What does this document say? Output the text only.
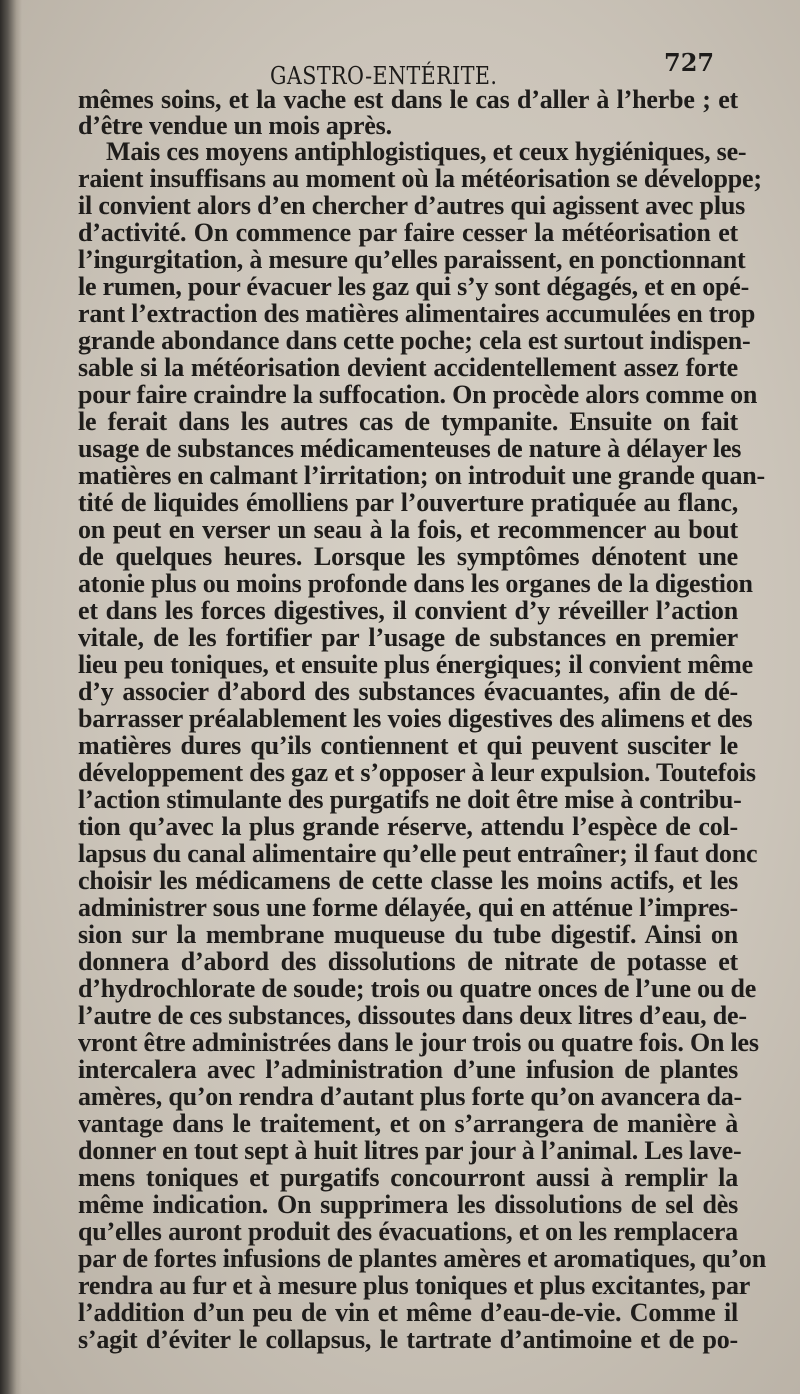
GASTRO-ENTÉRITE.	727
mêmes soins, et la vache est dans le cas d’aller à l’herbe ; et
d’être vendue un mois après.
Mais ces moyens antiphlogistiques, et ceux hygiéniques, se-
raient insuffisans au moment où la météorisation se développe;
il convient alors d’en chercher d’autres qui agissent avec plus
d’activité. On commence par faire cesser la météorisation et
l’ingurgitation, à mesure qu’elles paraissent, en ponctionnant
le rumen, pour évacuer les gaz qui s’y sont dégagés, et en opé-
rant l’extraction des matières alimentaires accumulées en trop
grande abondance dans cette poche; cela est surtout indispen-
sable si la météorisation devient accidentellement assez forte
pour faire craindre la suffocation. On procède alors comme on
le ferait dans les autres cas de tympanite. Ensuite on fait
usage de substances médicamenteuses de nature à délayer les
matières en calmant l’irritation; on introduit une grande quan-
tité de liquides émolliens par l’ouverture pratiquée au flanc,
on peut en verser un seau à la fois, et recommencer au bout
de quelques heures. Lorsque les symptômes dénotent une
atonie plus ou moins profonde dans les organes de la digestion
et dans les forces digestives, il convient d’y réveiller l’action
vitale, de les fortifier par l’usage de substances en premier
lieu peu toniques, et ensuite plus énergiques; il convient même
d’y associer d’abord des substances évacuantes, afin de dé-
barrasser préalablement les voies digestives des alimens et des
matières dures qu’ils contiennent et qui peuvent susciter le
développement des gaz et s’opposer à leur expulsion. Toutefois
l’action stimulante des purgatifs ne doit être mise à contribu-
tion qu’avec la plus grande réserve, attendu l’espèce de col-
lapsus du canal alimentaire qu’elle peut entraîner; il faut donc
choisir les médicamens de cette classe les moins actifs, et les
administrer sous une forme délayée, qui en atténue l’impres-
sion sur la membrane muqueuse du tube digestif. Ainsi on
donnera d’abord des dissolutions de nitrate de potasse et
d’hydrochlorate de soude; trois ou quatre onces de l’une ou de
l’autre de ces substances, dissoutes dans deux litres d’eau, de-
vront être administrées dans le jour trois ou quatre fois. On les
intercalera avec l’administration d’une infusion de plantes
amères, qu’on rendra d’autant plus forte qu’on avancera da-
vantage dans le traitement, et on s’arrangera de manière à
donner en tout sept à huit litres par jour à l’animal. Les lave-
mens toniques et purgatifs concourront aussi à remplir la
même indication. On supprimera les dissolutions de sel dès
qu’elles auront produit des évacuations, et on les remplacera
par de fortes infusions de plantes amères et aromatiques, qu’on
rendra au fur et à mesure plus toniques et plus excitantes, par
l’addition d’un peu de vin et même d’eau-de-vie. Comme il
s’agit d’éviter le collapsus, le tartrate d’antimoine et de po-
